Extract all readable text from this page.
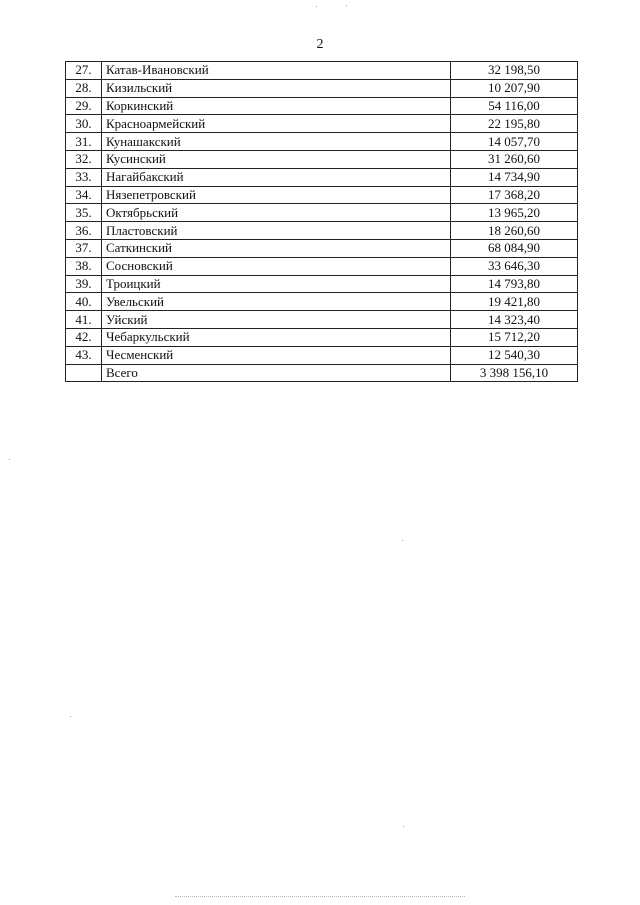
2
27.	Катав-Ивановский	32 198,50
28.	Кизильский	10 207,90
29.	Коркинский	54 116,00
30.	Красноармейский	22 195,80
31.	Кунашакский	14 057,70
32.	Кусинский	31 260,60
33.	Нагайбакский	14 734,90
34.	Нязепетровский	17 368,20
35.	Октябрьский	13 965,20
36.	Пластовский	18 260,60
37.	Саткинский	68 084,90
38.	Сосновский	33 646,30
39.	Троицкий	14 793,80
40.	Увельский	19 421,80
41.	Уйский	14 323,40
42.	Чебаркульский	15 712,20
43.	Чесменский	12 540,30
	Всего	3 398 156,10
